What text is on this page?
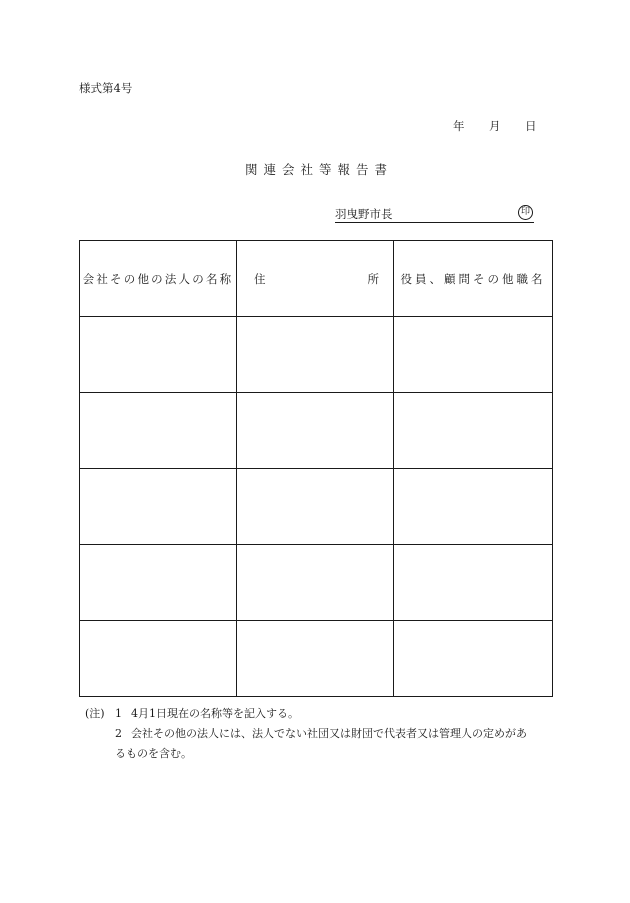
様式第4号
年 月 日
関連会社等報告書
羽曳野市長	印
会社その他の法人の名称	住 所	役員、顧問その他職名

(注) 1 4月1日現在の名称等を記入する。
2 会社その他の法人には、法人でない社団又は財団で代表者又は管理人の定めがあ
るものを含む。
